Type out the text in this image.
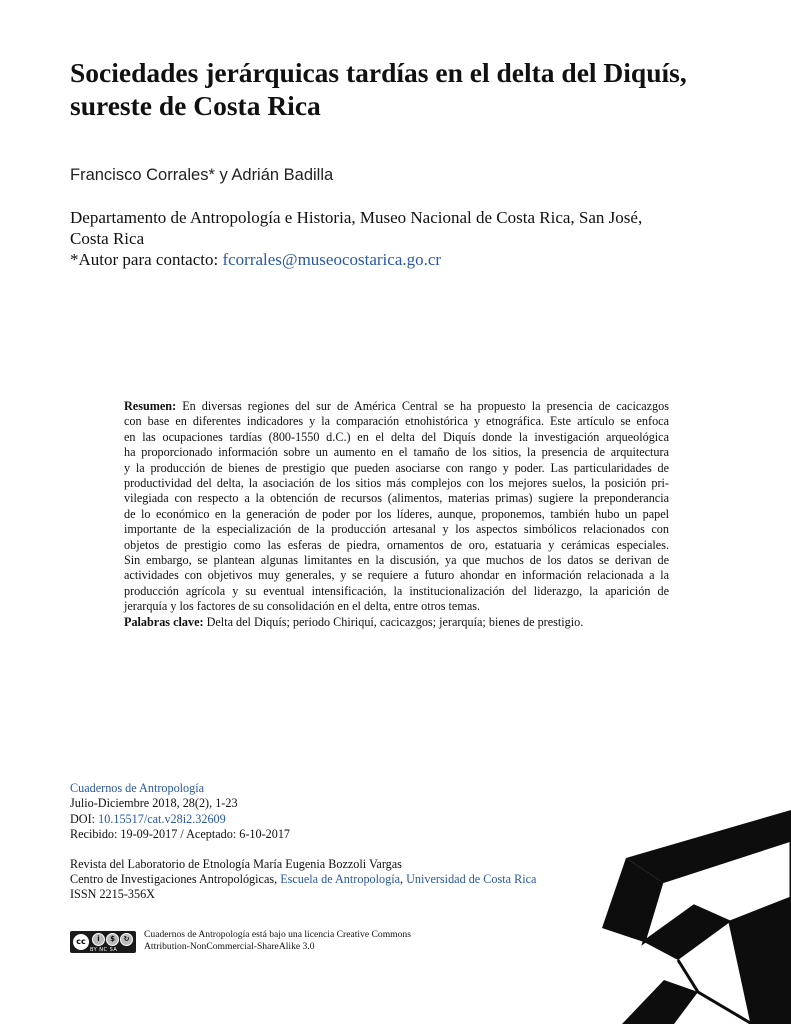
Sociedades jerárquicas tardías en el delta del Diquís,
sureste de Costa Rica
Francisco Corrales* y Adrián Badilla
Departamento de Antropología e Historia, Museo Nacional de Costa Rica, San José,
Costa Rica
*Autor para contacto: fcorrales@museocostarica.go.cr
Resumen: En diversas regiones del sur de América Central se ha propuesto la presencia de cacicazgos
con base en diferentes indicadores y la comparación etnohistórica y etnográfica. Este artículo se enfoca
en las ocupaciones tardías (800-1550 d.C.) en el delta del Diquís donde la investigación arqueológica
ha proporcionado información sobre un aumento en el tamaño de los sitios, la presencia de arquitectura
y la producción de bienes de prestigio que pueden asociarse con rango y poder. Las particularidades de
productividad del delta, la asociación de los sitios más complejos con los mejores suelos, la posición pri-
vilegiada con respecto a la obtención de recursos (alimentos, materias primas) sugiere la preponderancia
de lo económico en la generación de poder por los líderes, aunque, proponemos, también hubo un papel
importante de la especialización de la producción artesanal y los aspectos simbólicos relacionados con
objetos de prestigio como las esferas de piedra, ornamentos de oro, estatuaria y cerámicas especiales.
Sin embargo, se plantean algunas limitantes en la discusión, ya que muchos de los datos se derivan de
actividades con objetivos muy generales, y se requiere a futuro ahondar en información relacionada a la
producción agrícola y su eventual intensificación, la institucionalización del liderazgo, la aparición de
jerarquía y los factores de su consolidación en el delta, entre otros temas.
Palabras clave: Delta del Diquís; periodo Chiriquí, cacicazgos; jerarquía; bienes de prestigio.
Cuadernos de Antropología
Julio-Diciembre 2018, 28(2), 1-23
DOI: 10.15517/cat.v28i2.32609
Recibido: 19-09-2017 / Aceptado: 6-10-2017
Revista del Laboratorio de Etnología María Eugenia Bozzoli Vargas
Centro de Investigaciones Antropológicas, Escuela de Antropología, Universidad de Costa Rica
ISSN 2215-356X
cc	i	$	↻
BY NC SA
Cuadernos de Antropología está bajo una licencia Creative Commons
Attribution-NonCommercial-ShareAlike 3.0
